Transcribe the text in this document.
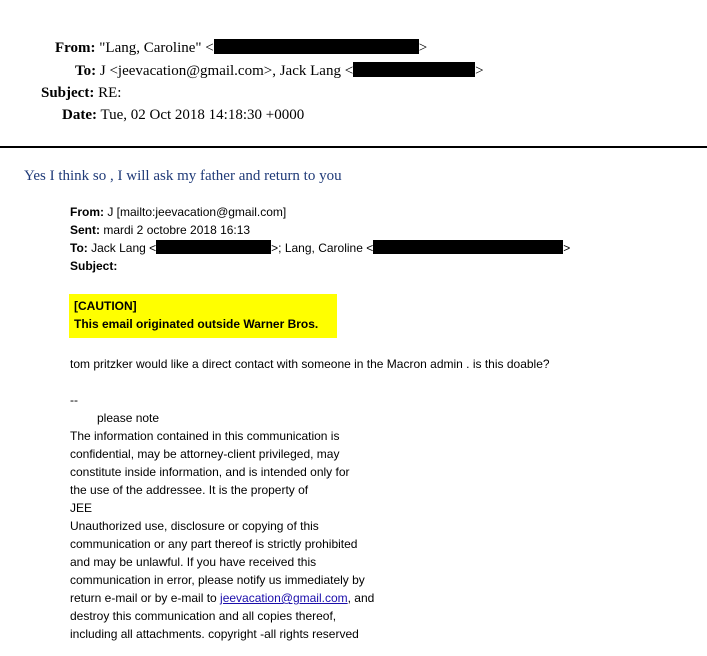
From: "Lang, Caroline" <	>
To: J <jeevacation@gmail.com>, Jack Lang <	>
Subject: RE:
Date: Tue, 02 Oct 2018 14:18:30 +0000
Yes I think so , I will ask my father and return to you
From: J [mailto:jeevacation@gmail.com]
Sent: mardi 2 octobre 2018 16:13
To: Jack Lang <	>; Lang, Caroline <	>
Subject:
[CAUTION]
This email originated outside Warner Bros.
tom pritzker would like a direct contact with someone in the Macron admin . is this doable?
--
please note
The information contained in this communication is
confidential, may be attorney-client privileged, may
constitute inside information, and is intended only for
the use of the addressee. It is the property of
JEE
Unauthorized use, disclosure or copying of this
communication or any part thereof is strictly prohibited
and may be unlawful. If you have received this
communication in error, please notify us immediately by
return e-mail or by e-mail to jeevacation@gmail.com, and
destroy this communication and all copies thereof,
including all attachments. copyright -all rights reserved
